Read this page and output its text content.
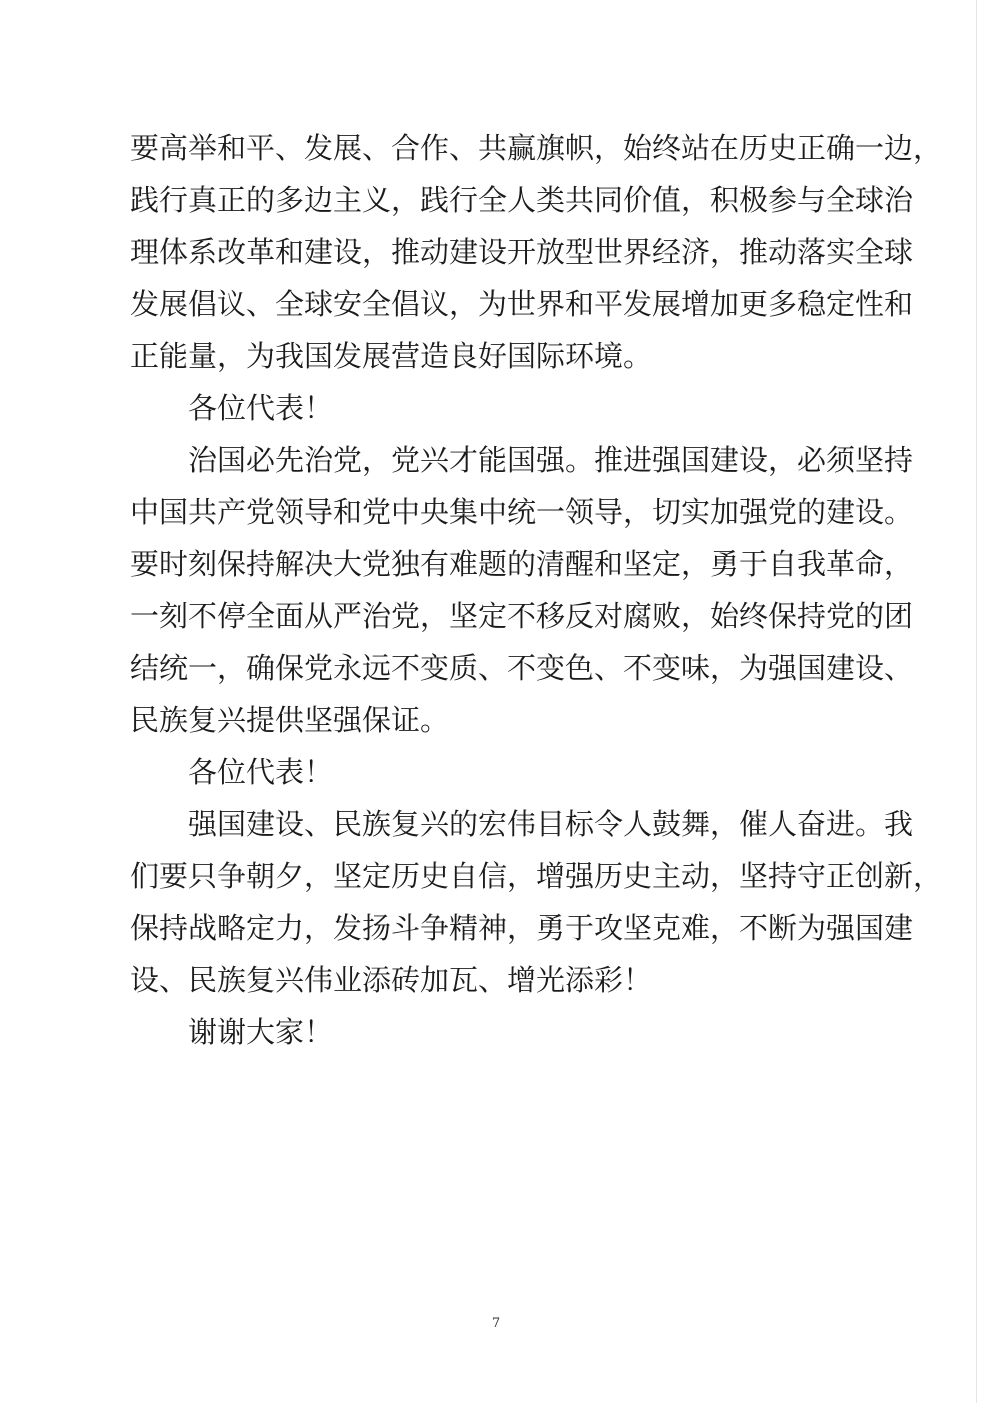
要高举和平、发展、合作、共赢旗帜，始终站在历史正确一边，
践行真正的多边主义，践行全人类共同价值，积极参与全球治
理体系改革和建设，推动建设开放型世界经济，推动落实全球
发展倡议、全球安全倡议，为世界和平发展增加更多稳定性和
正能量，为我国发展营造良好国际环境。
各位代表！
治国必先治党，党兴才能国强。推进强国建设，必须坚持
中国共产党领导和党中央集中统一领导，切实加强党的建设。
要时刻保持解决大党独有难题的清醒和坚定，勇于自我革命，
一刻不停全面从严治党，坚定不移反对腐败，始终保持党的团
结统一，确保党永远不变质、不变色、不变味，为强国建设、
民族复兴提供坚强保证。
各位代表！
强国建设、民族复兴的宏伟目标令人鼓舞，催人奋进。我
们要只争朝夕，坚定历史自信，增强历史主动，坚持守正创新，
保持战略定力，发扬斗争精神，勇于攻坚克难，不断为强国建
设、民族复兴伟业添砖加瓦、增光添彩！
谢谢大家！
7
